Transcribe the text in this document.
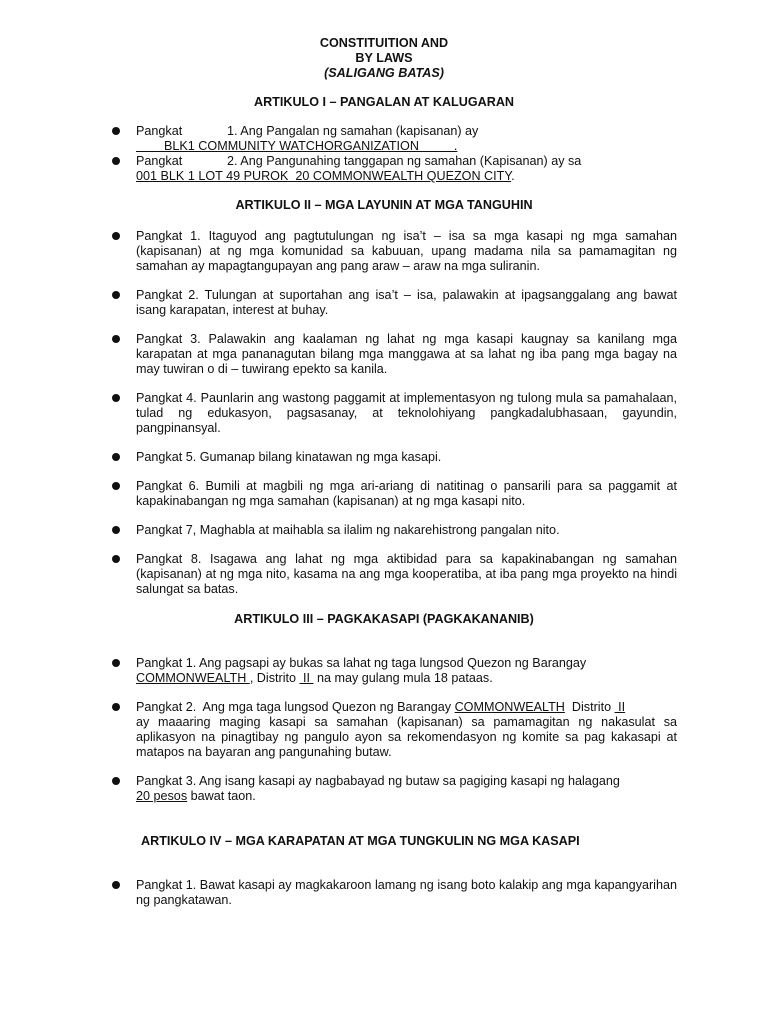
CONSTITUITION AND
BY LAWS
(SALIGANG BATAS)
ARTIKULO I – PANGALAN AT KALUGARAN
Pangkat	1. Ang Pangalan ng samahan (kapisanan) ay
BLK1 COMMUNITY WATCHORGANIZATION          .
Pangkat	2. Ang Pangunahing tanggapan ng samahan (Kapisanan) ay sa
001 BLK 1 LOT 49 PUROK  20 COMMONWEALTH QUEZON CITY.
ARTIKULO II – MGA LAYUNIN AT MGA TANGUHIN
Pangkat 1. Itaguyod ang pagtutulungan ng isa’t – isa sa mga kasapi ng mga samahan (kapisanan) at ng mga komunidad sa kabuuan, upang madama nila sa pamamagitan ng samahan ay mapagtangupayan ang pang araw – araw na mga suliranin.
Pangkat 2. Tulungan at suportahan ang isa’t – isa, palawakin at ipagsanggalang ang bawat isang karapatan, interest at buhay.
Pangkat 3. Palawakin ang kaalaman ng lahat ng mga kasapi kaugnay sa kanilang mga karapatan at mga pananagutan bilang mga manggawa at sa lahat ng iba pang mga bagay na may tuwiran o di – tuwirang epekto sa kanila.
Pangkat 4. Paunlarin ang wastong paggamit at implementasyon ng tulong mula sa pamahalaan, tulad ng edukasyon, pagsasanay, at teknolohiyang pangkadalubhasaan, gayundin, pangpinansyal.
Pangkat 5. Gumanap bilang kinatawan ng mga kasapi.
Pangkat 6. Bumili at magbili ng mga ari-ariang di natitinag o pansarili para sa paggamit at kapakinabangan ng mga samahan (kapisanan) at ng mga kasapi nito.
Pangkat 7, Maghabla at maihabla sa ilalim ng nakarehistrong pangalan nito.
Pangkat 8. Isagawa ang lahat ng mga aktibidad para sa kapakinabangan ng samahan (kapisanan) at ng mga nito, kasama na ang mga kooperatiba, at iba pang mga proyekto na hindi salungat sa batas.
ARTIKULO III – PAGKAKASAPI (PAGKAKANANIB)
Pangkat 1. Ang pagsapi ay bukas sa lahat ng taga lungsod Quezon ng Barangay
COMMONWEALTH , Distrito  II  na may gulang mula 18 pataas.
Pangkat 2.  Ang mga taga lungsod Quezon ng Barangay COMMONWEALTH  Distrito  II
ay maaaring maging kasapi sa samahan (kapisanan) sa pamamagitan ng nakasulat sa aplikasyon na pinagtibay ng pangulo ayon sa rekomendasyon ng komite sa pag kakasapi at matapos na bayaran ang pangunahing butaw.
Pangkat 3. Ang isang kasapi ay nagbabayad ng butaw sa pagiging kasapi ng halagang
20 pesos bawat taon.
ARTIKULO IV – MGA KARAPATAN AT MGA TUNGKULIN NG MGA KASAPI
Pangkat 1. Bawat kasapi ay magkakaroon lamang ng isang boto kalakip ang mga kapangyarihan ng pangkatawan.
